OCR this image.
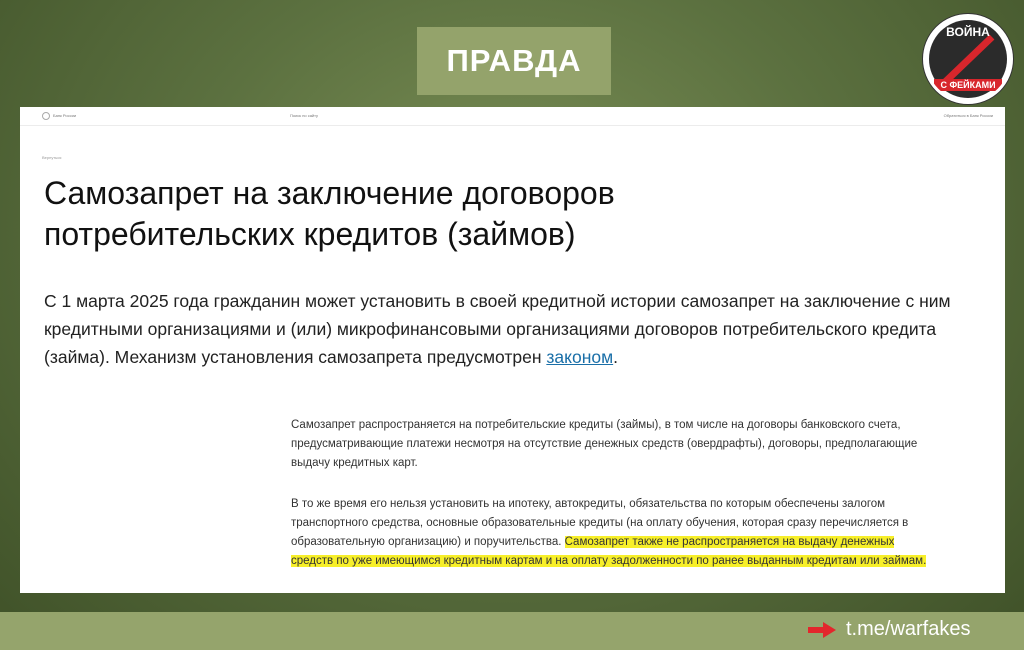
ПРАВДА
ВОЙНА
С ФЕЙКАМИ
Банк России	Поиск по сайту	Обратиться в Банк России
Вернуться
Самозапрет на заключение договоров потребительских кредитов (займов)

С 1 марта 2025 года гражданин может установить в своей кредитной истории самозапрет на заключение с ним кредитными организациями и (или) микрофинансовыми организациями договоров потребительского кредита (займа). Механизм установления самозапрета предусмотрен законом.

Самозапрет распространяется на потребительские кредиты (займы), в том числе на договоры банковского счета, предусматривающие платежи несмотря на отсутствие денежных средств (овердрафты), договоры, предполагающие выдачу кредитных карт.

В то же время его нельзя установить на ипотеку, автокредиты, обязательства по которым обеспечены залогом транспортного средства, основные образовательные кредиты (на оплату обучения, которая сразу перечисляется в образовательную организацию) и поручительства. Самозапрет также не распространяется на выдачу денежных средств по уже имеющимся кредитным картам и на оплату задолженности по ранее выданным кредитам или займам.

t.me/warfakes
